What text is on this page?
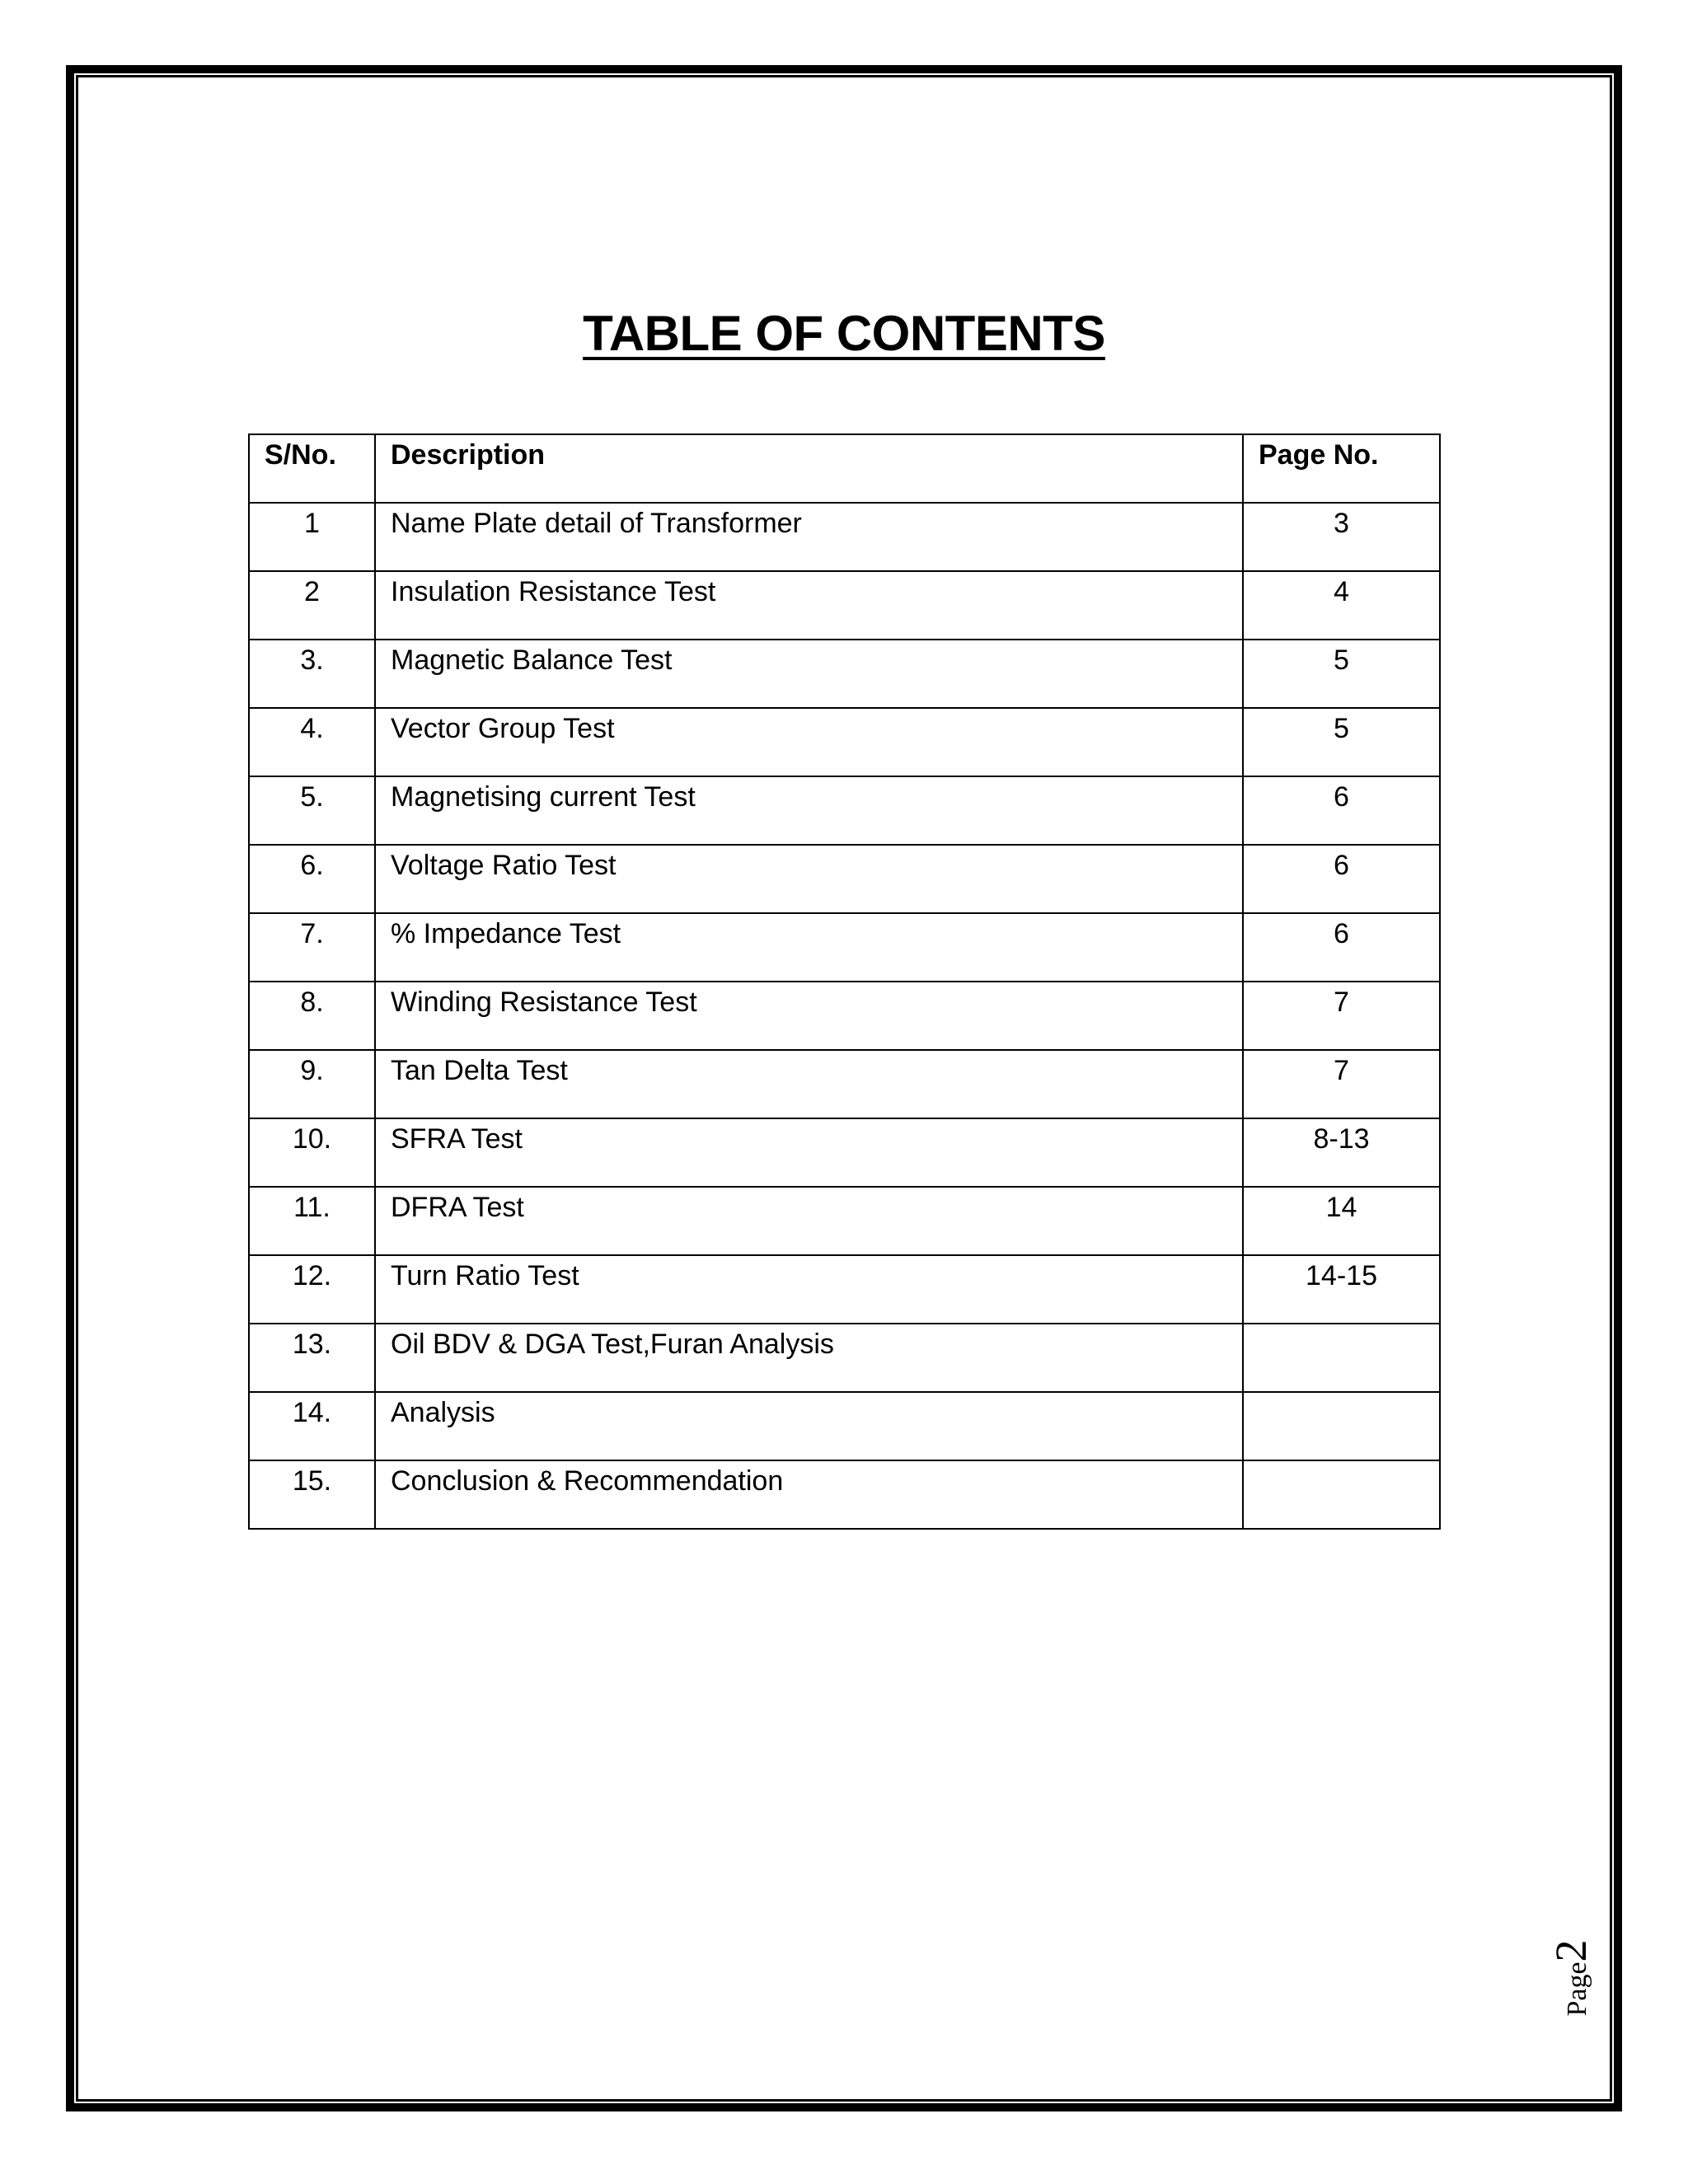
TABLE OF CONTENTS
S/No.	Description	Page No.
1	Name Plate detail of Transformer	3
2	Insulation Resistance Test	4
3.	Magnetic Balance Test	5
4.	Vector Group Test	5
5.	Magnetising current Test	6
6.	Voltage Ratio Test	6
7.	% Impedance Test	6
8.	Winding Resistance Test	7
9.	Tan Delta Test	7
10.	SFRA Test	8-13
11.	DFRA Test	14
12.	Turn Ratio Test	14-15
13.	Oil BDV & DGA Test,Furan Analysis	
14.	Analysis	
15.	Conclusion & Recommendation	
Page2
